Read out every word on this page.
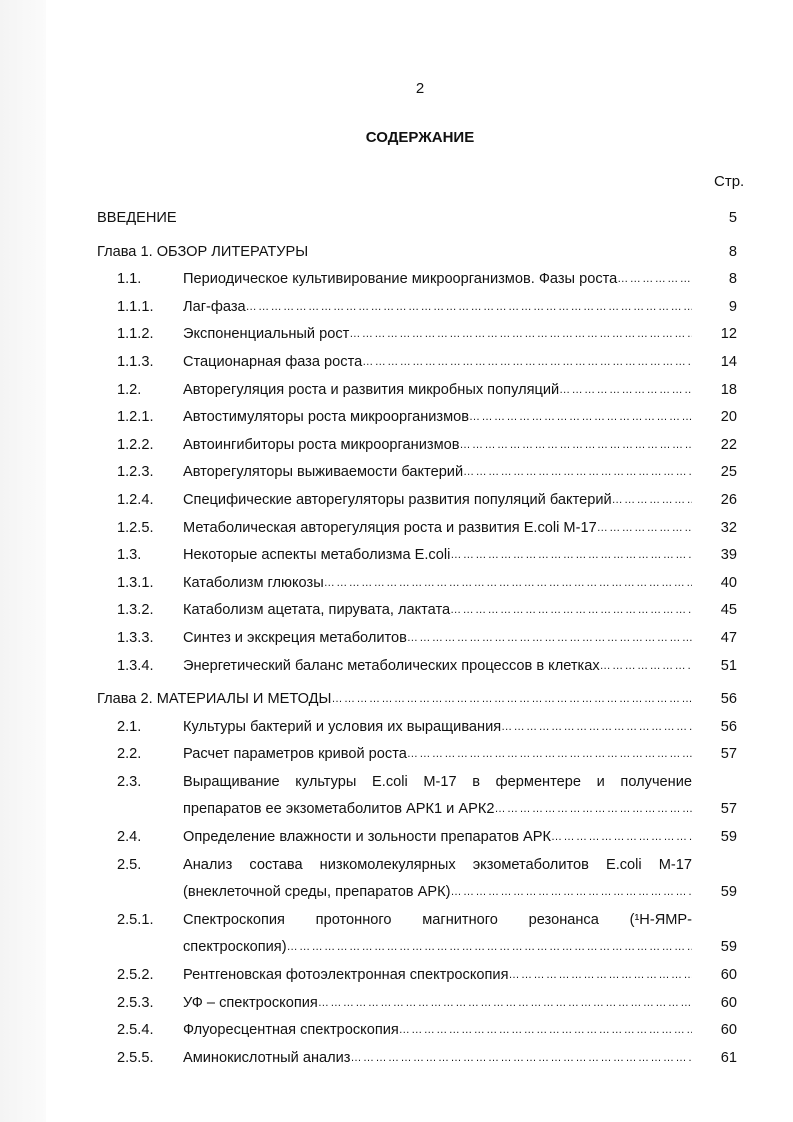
2
СОДЕРЖАНИЕ
Стр.
ВВЕДЕНИЕ	5
Глава 1. ОБЗОР ЛИТЕРАТУРЫ	8
1.1.	Периодическое культивирование микроорганизмов. Фазы роста …………………………………………………………………………………………………………………………	8
1.1.1. Лаг-фаза …………………………………………………………………………………………………………………………	9
1.1.2. Экспоненциальный рост …………………………………………………………………………………………………………………………	12
1.1.3. Стационарная фаза роста …………………………………………………………………………………………………………………………	14
1.2.	Авторегуляция роста и развития микробных популяций …………………………………………………………………………………………………………………………	18
1.2.1. Автостимуляторы роста микроорганизмов …………………………………………………………………………………………………………………………	20
1.2.2. Автоингибиторы роста микроорганизмов …………………………………………………………………………………………………………………………	22
1.2.3. Авторегуляторы выживаемости бактерий …………………………………………………………………………………………………………………………	25
1.2.4. Специфические авторегуляторы развития популяций бактерий …………………………………………………………………………………………………………………………	26
1.2.5. Метаболическая авторегуляция роста и развития E.coli M-17 …………………………………………………………………………………………………………………………	32
1.3.	Некоторые аспекты метаболизма E.coli …………………………………………………………………………………………………………………………	39
1.3.1. Катаболизм глюкозы …………………………………………………………………………………………………………………………	40
1.3.2. Катаболизм ацетата, пирувата, лактата …………………………………………………………………………………………………………………………	45
1.3.3. Синтез и экскреция метаболитов …………………………………………………………………………………………………………………………	47
1.3.4. Энергетический баланс метаболических процессов в клетках …………………………………………………………………………………………………………………………	51
Глава 2. МАТЕРИАЛЫ И МЕТОДЫ …………………………………………………………………………………………………………………………	56
2.1.	Культуры бактерий и условия их выращивания …………………………………………………………………………………………………………………………	56
2.2.	Расчет параметров кривой роста …………………………………………………………………………………………………………………………	57
2.3.	Выращивание культуры E.coli M-17 в ферментере и получение
препаратов ее экзометаболитов АРК1 и АРК2 …………………………………………………………………………………………………………………………	57
2.4.	Определение влажности и зольности препаратов АРК …………………………………………………………………………………………………………………………	59
2.5.	Анализ состава низкомолекулярных экзометаболитов E.coli M-17
(внеклеточной среды, препаратов АРК) …………………………………………………………………………………………………………………………	59
2.5.1. Спектроскопия протонного магнитного резонанса (¹Н-ЯМР-
спектроскопия) …………………………………………………………………………………………………………………………	59
2.5.2. Рентгеновская фотоэлектронная спектроскопия …………………………………………………………………………………………………………………………	60
2.5.3. УФ – спектроскопия …………………………………………………………………………………………………………………………	60
2.5.4. Флуоресцентная спектроскопия …………………………………………………………………………………………………………………………	60
2.5.5. Аминокислотный анализ …………………………………………………………………………………………………………………………	61
